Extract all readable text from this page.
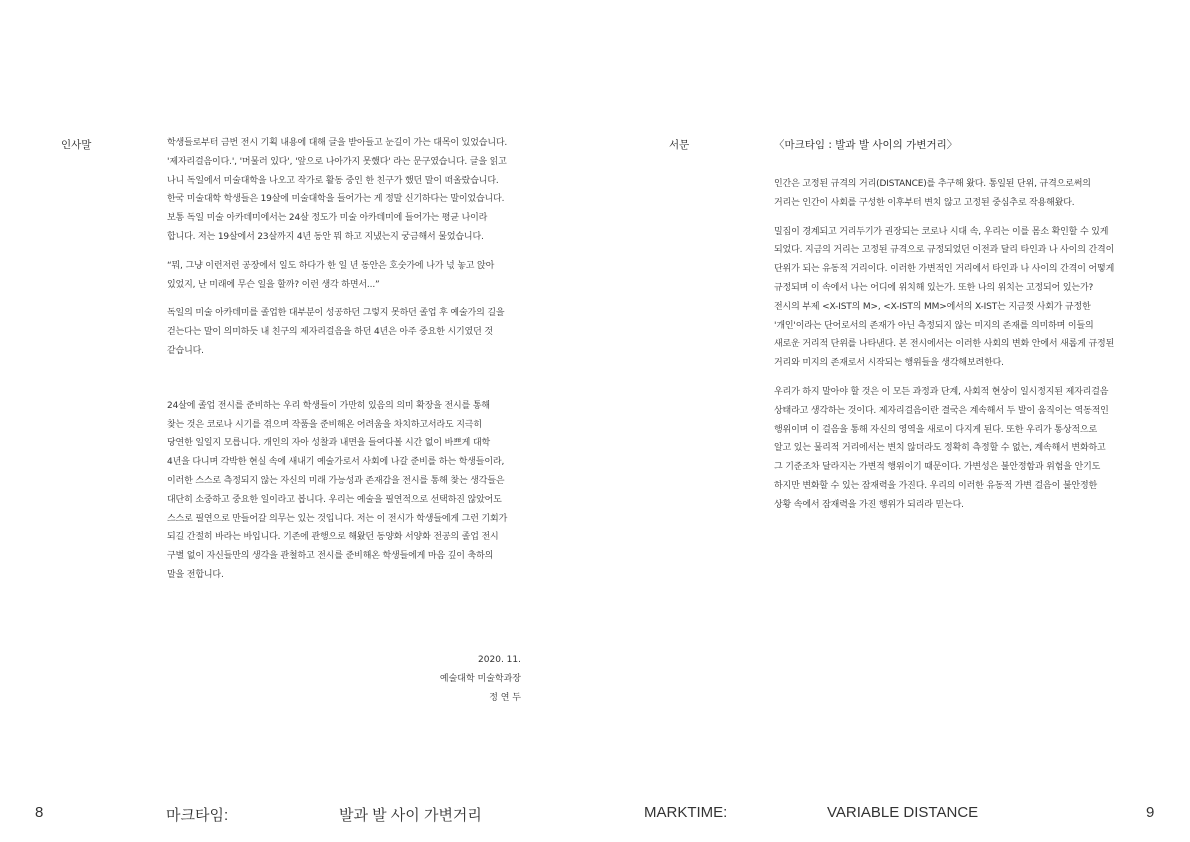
인사말	학생들로부터 금번 전시 기획 내용에 대해 글을 받아들고 눈길이 가는 대목이 있었습니다.
'제자리걸음이다.', '머물러 있다', '앞으로 나아가지 못했다' 라는 문구였습니다. 글을 읽고
나니 독일에서 미술대학을 나오고 작가로 활동 중인 한 친구가 했던 말이 떠올랐습니다.
한국 미술대학 학생들은 19살에 미술대학을 들어가는 게 정말 신기하다는 말이었습니다.
보통 독일 미술 아카데미에서는 24살 정도가 미술 아카데미에 들어가는 평균 나이라
합니다. 저는 19살에서 23살까지 4년 동안 뭐 하고 지냈는지 궁금해서 물었습니다.
“뭐, 그냥 이런저런 공장에서 일도 하다가 한 일 년 동안은 호숫가에 나가 넋 놓고 앉아
있었지, 난 미래에 무슨 일을 할까? 이런 생각 하면서...”
독일의 미술 아카데미를 졸업한 대부분이 성공하던 그렇지 못하던 졸업 후 예술가의 길을
걷는다는 말이 의미하듯 내 친구의 제자리걸음을 하던 4년은 아주 중요한 시기였던 것
같습니다.
24살에 졸업 전시를 준비하는 우리 학생들이 가만히 있음의 의미 확장을 전시를 통해
찾는 것은 코로나 시기를 겪으며 작품을 준비해온 어려움을 차치하고서라도 지극히
당연한 일일지 모릅니다. 개인의 자아 성찰과 내면을 들여다볼 시간 없이 바쁘게 대학
4년을 다니며 각박한 현실 속에 새내기 예술가로서 사회에 나갈 준비를 하는 학생들이라,
이러한 스스로 측정되지 않는 자신의 미래 가능성과 존재감을 전시를 통해 찾는 생각들은
대단히 소중하고 중요한 일이라고 봅니다. 우리는 예술을 필연적으로 선택하진 않았어도
스스로 필연으로 만들어갈 의무는 있는 것입니다. 저는 이 전시가 학생들에게 그런 기회가
되길 간절히 바라는 바입니다. 기존에 관행으로 해왔던 동양화 서양화 전공의 졸업 전시
구별 없이 자신들만의 생각을 관철하고 전시를 준비해온 학생들에게 마음 깊이 축하의
말을 전합니다.
2020. 11.
예술대학 미술학과장
정 연 두
서문	〈마크타임 : 발과 발 사이의 가변거리〉
인간은 고정된 규격의 거리(DISTANCE)를 추구해 왔다. 통일된 단위, 규격으로써의
거리는 인간이 사회를 구성한 이후부터 변치 않고 고정된 중심추로 작용해왔다.
밀집이 경계되고 거리두기가 권장되는 코로나 시대 속, 우리는 이를 몸소 확인할 수 있게
되었다. 지금의 거리는 고정된 규격으로 규정되었던 이전과 달리 타인과 나 사이의 간격이
단위가 되는 유동적 거리이다. 이러한 가변적인 거리에서 타인과 나 사이의 간격이 어떻게
규정되며 이 속에서 나는 어디에 위치해 있는가. 또한 나의 위치는 고정되어 있는가?
전시의 부제 <X-IST의 M>, <X-IST의 MM>에서의 X-IST는 지금껏 사회가 규정한
'개인'이라는 단어로서의 존재가 아닌 측정되지 않는 미지의 존재를 의미하며 이들의
새로운 거리적 단위를 나타낸다. 본 전시에서는 이러한 사회의 변화 안에서 새롭게 규정된
거리와 미지의 존재로서 시작되는 행위들을 생각해보려한다.
우리가 하지 말아야 할 것은 이 모든 과정과 단계, 사회적 현상이 일시정지된 제자리걸음
상태라고 생각하는 것이다. 제자리걸음이란 결국은 계속해서 두 발이 움직이는 역동적인
행위이며 이 걸음을 통해 자신의 영역을 새로이 다지게 된다. 또한 우리가 통상적으로
알고 있는 물리적 거리에서는 변치 않더라도 정확히 측정할 수 없는, 계속해서 변화하고
그 기준조차 달라지는 가변적 행위이기 때문이다. 가변성은 불안정함과 위험을 안기도
하지만 변화할 수 있는 잠재력을 가진다. 우리의 이러한 유동적 가변 걸음이 불안정한
상황 속에서 잠재력을 가진 행위가 되리라 믿는다.
8	마크타임:	발과 발 사이 가변거리	MARKTIME:	VARIABLE DISTANCE	9
